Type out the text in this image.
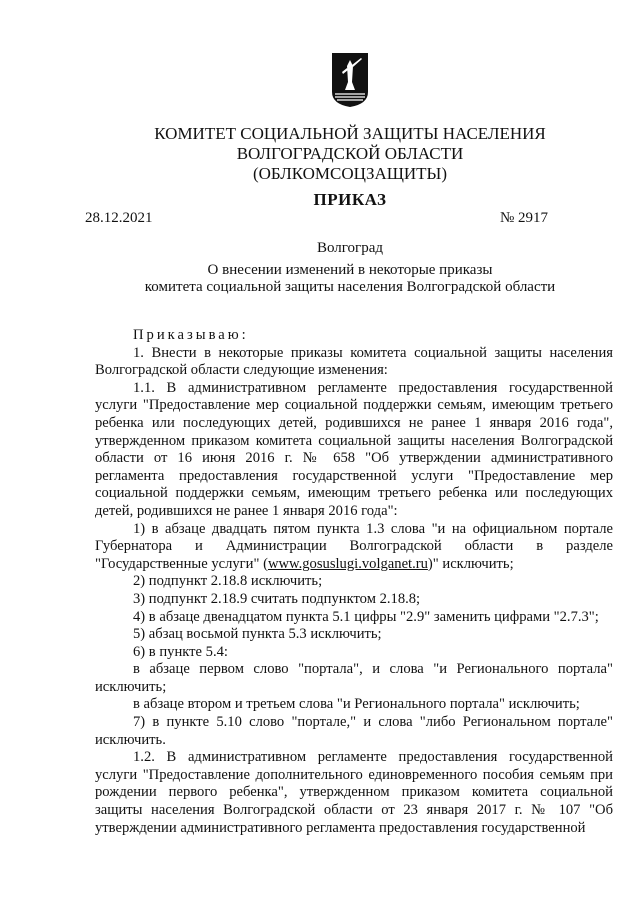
КОМИТЕТ СОЦИАЛЬНОЙ ЗАЩИТЫ НАСЕЛЕНИЯ
ВОЛГОГРАДСКОЙ ОБЛАСТИ
(ОБЛКОМСОЦЗАЩИТЫ)
ПРИКАЗ
28.12.2021	№ 2917
Волгоград
О внесении изменений в некоторые приказы
комитета социальной защиты населения Волгоградской области

Приказываю:

1. Внести в некоторые приказы комитета социальной защиты населения Волгоградской области следующие изменения:

1.1. В административном регламенте предоставления государственной услуги "Предоставление мер социальной поддержки семьям, имеющим третьего ребенка или последующих детей, родившихся не ранее 1 января 2016 года", утвержденном приказом комитета социальной защиты населения Волгоградской области от 16 июня 2016 г. № 658 "Об утверждении административного регламента предоставления государственной услуги "Предоставление мер социальной поддержки семьям, имеющим третьего ребенка или последующих детей, родившихся не ранее 1 января 2016 года":

1) в абзаце двадцать пятом пункта 1.3 слова "и на официальном портале Губернатора и Администрации Волгоградской области в разделе "Государственные услуги" (www.gosuslugi.volganet.ru)" исключить;

2) подпункт 2.18.8 исключить;

3) подпункт 2.18.9 считать подпунктом 2.18.8;

4) в абзаце двенадцатом пункта 5.1 цифры "2.9" заменить цифрами "2.7.3";

5) абзац восьмой пункта 5.3 исключить;

6) в пункте 5.4:

в абзаце первом слово "портала", и слова "и Регионального портала" исключить;

в абзаце втором и третьем слова "и Регионального портала" исключить;

7) в пункте 5.10 слово "портале," и слова "либо Региональном портале" исключить.

1.2. В административном регламенте предоставления государственной услуги "Предоставление дополнительного единовременного пособия семьям при рождении первого ребенка", утвержденном приказом комитета социальной защиты населения Волгоградской области от 23 января 2017 г. № 107 "Об утверждении административного регламента предоставления государственной
